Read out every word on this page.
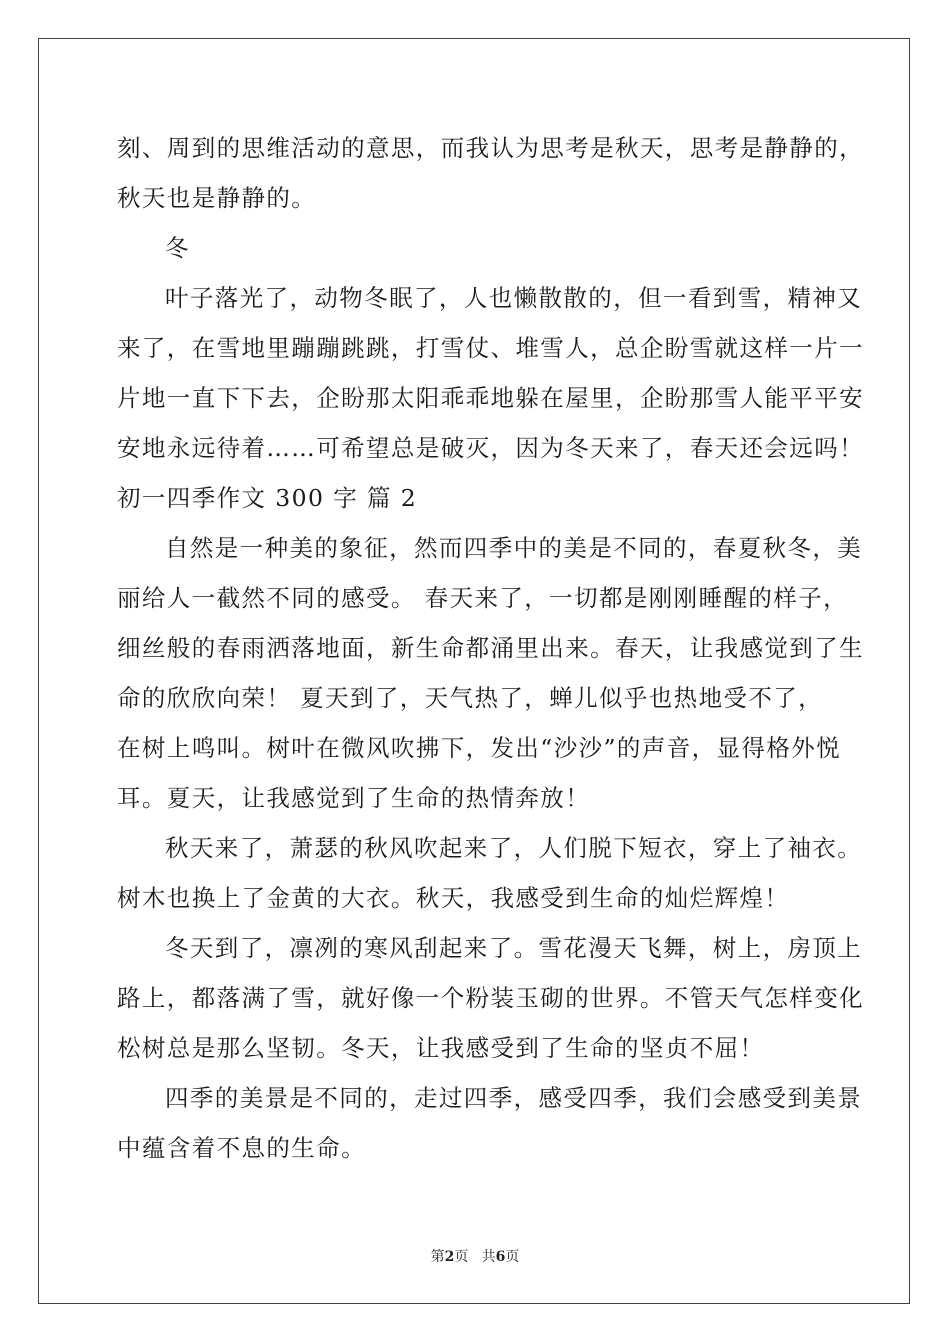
刻、周到的思维活动的意思，而我认为思考是秋天，思考是静静的，
秋天也是静静的。
冬
叶子落光了，动物冬眠了，人也懒散散的，但一看到雪，精神又
来了，在雪地里蹦蹦跳跳，打雪仗、堆雪人，总企盼雪就这样一片一
片地一直下下去，企盼那太阳乖乖地躲在屋里，企盼那雪人能平平安
安地永远待着……可希望总是破灭，因为冬天来了，春天还会远吗！
初一四季作文 300 字 篇 2
自然是一种美的象征，然而四季中的美是不同的，春夏秋冬，美
丽给人一截然不同的感受。 春天来了，一切都是刚刚睡醒的样子，
细丝般的春雨洒落地面，新生命都涌里出来。春天，让我感觉到了生
命的欣欣向荣！ 夏天到了，天气热了，蝉儿似乎也热地受不了，
在树上鸣叫。树叶在微风吹拂下，发出“沙沙”的声音，显得格外悦
耳。夏天，让我感觉到了生命的热情奔放！
秋天来了，萧瑟的秋风吹起来了，人们脱下短衣，穿上了袖衣。
树木也换上了金黄的大衣。秋天，我感受到生命的灿烂辉煌！
冬天到了，凛冽的寒风刮起来了。雪花漫天飞舞，树上，房顶上
路上，都落满了雪，就好像一个粉装玉砌的世界。不管天气怎样变化
松树总是那么坚韧。冬天，让我感受到了生命的坚贞不屈！
四季的美景是不同的，走过四季，感受四季，我们会感受到美景
中蕴含着不息的生命。
第2页 共6页
